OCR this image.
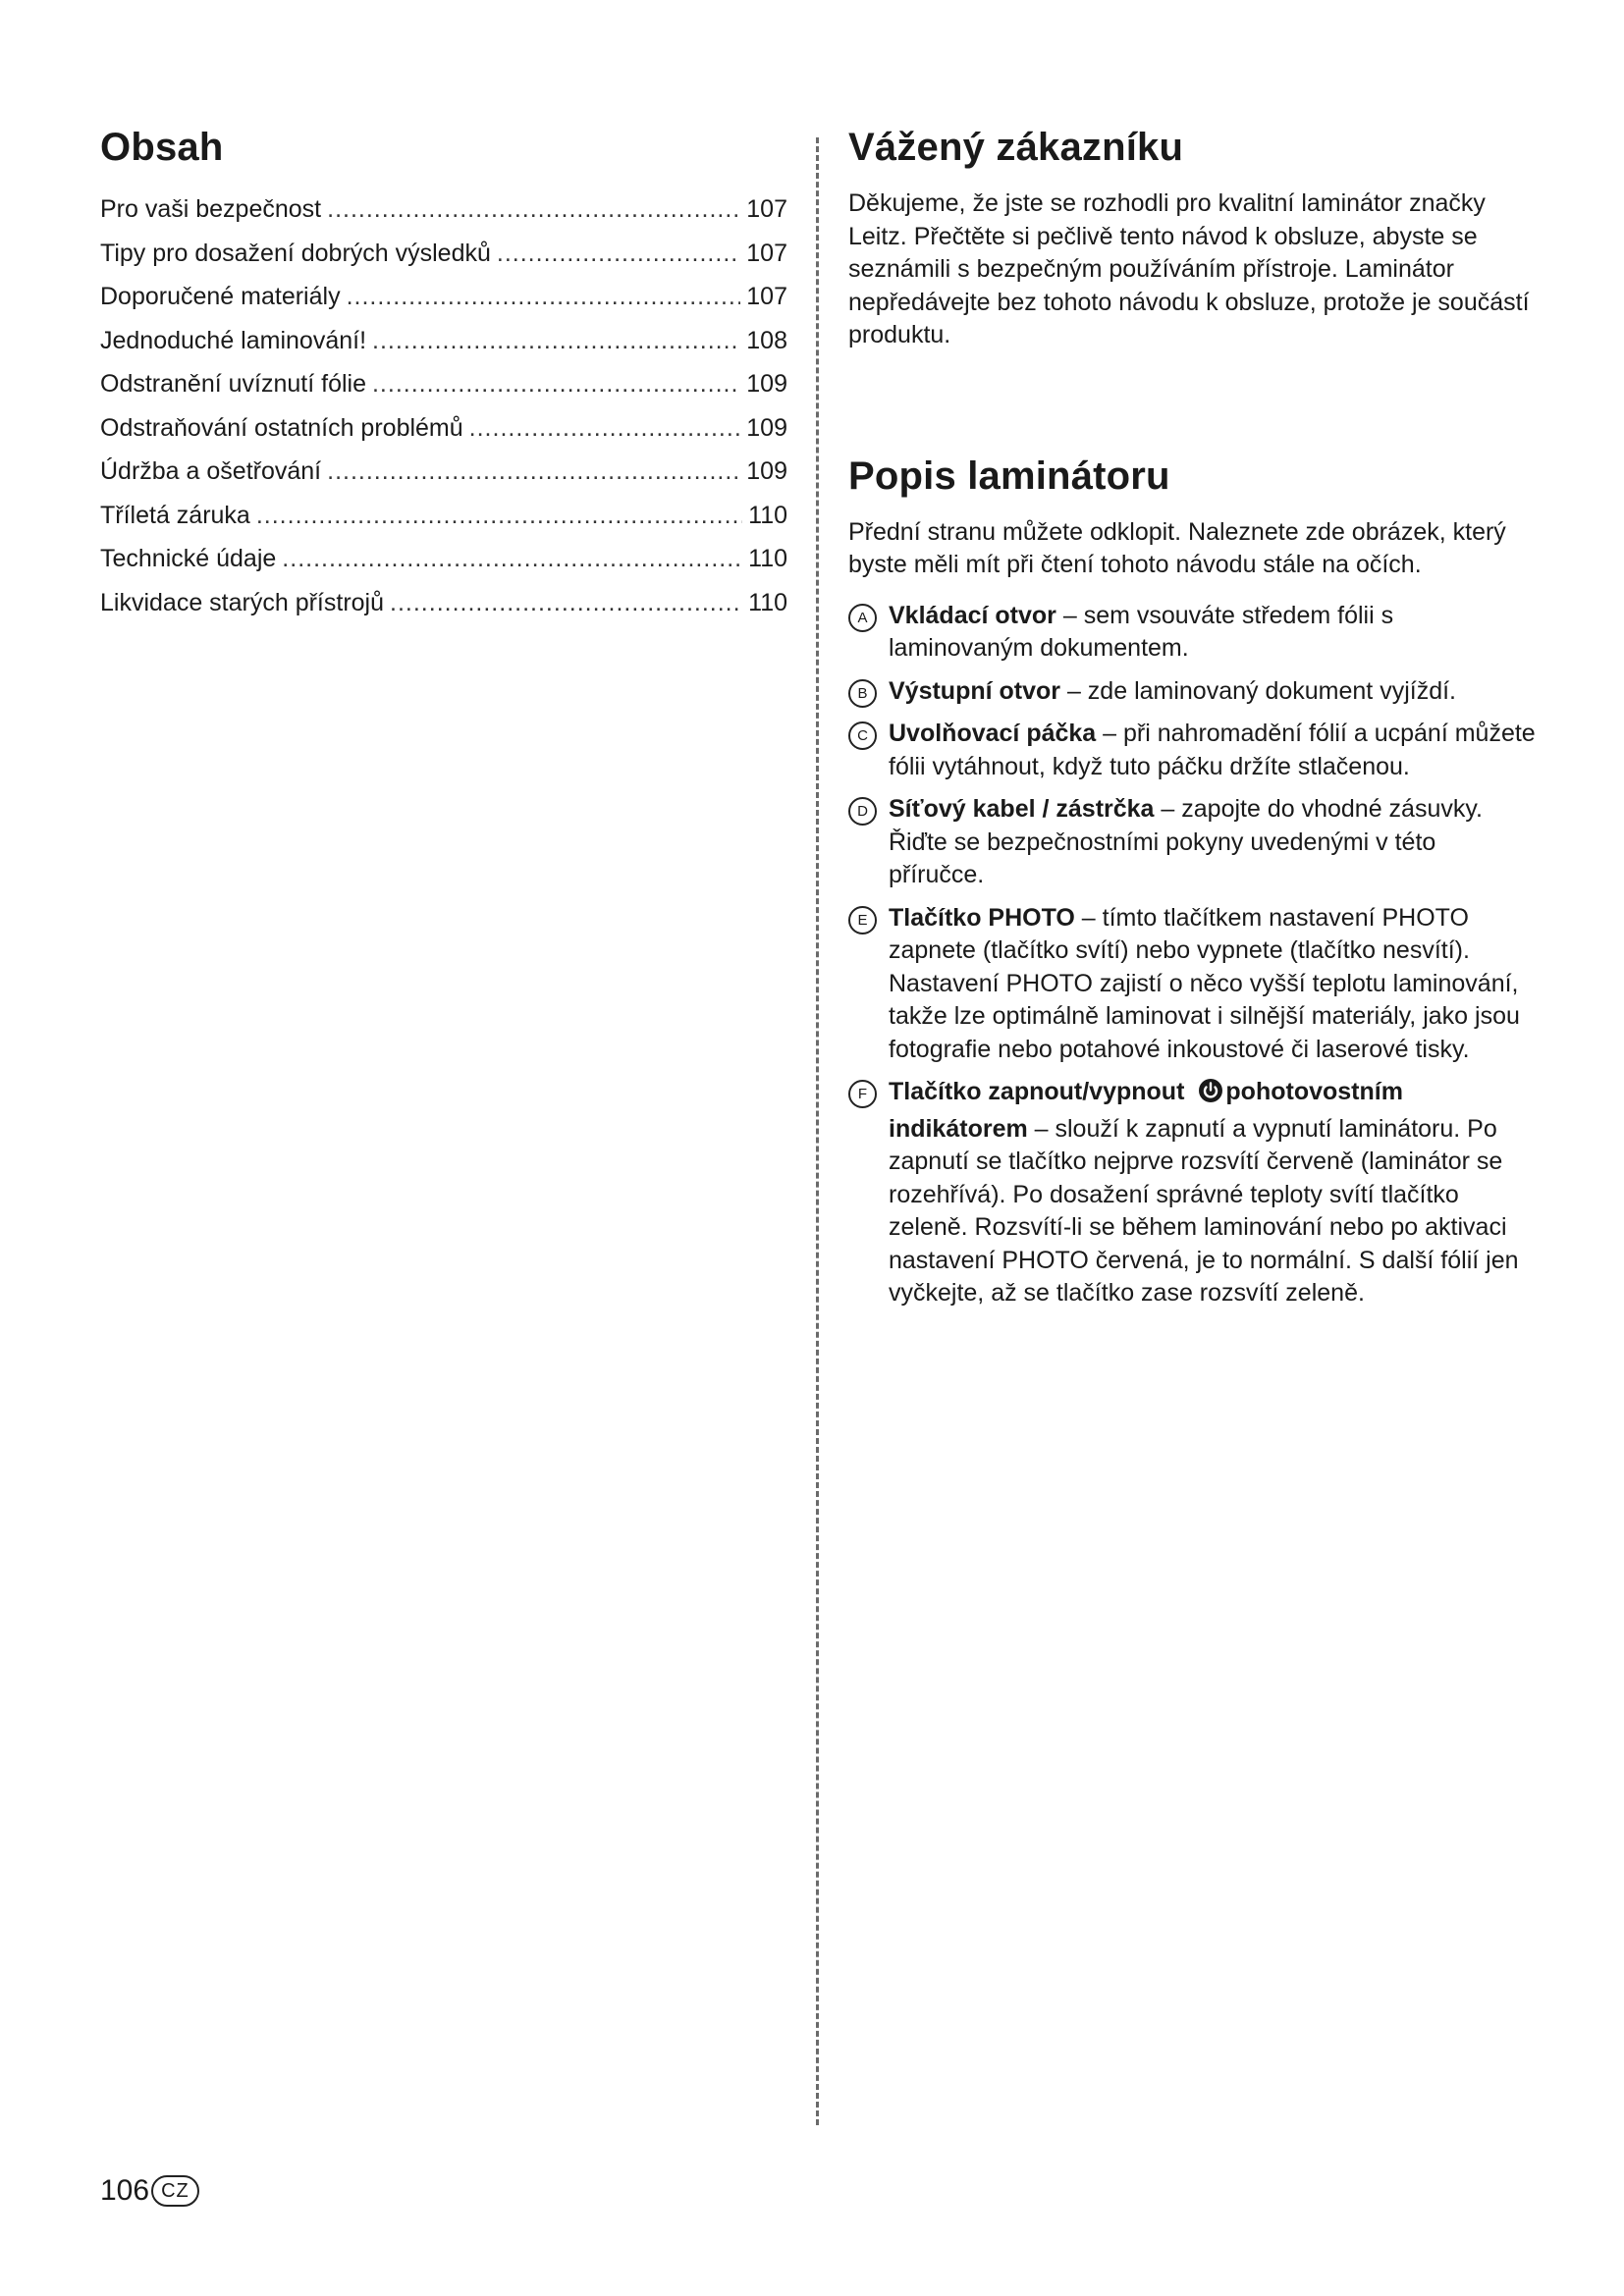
Obsah
Pro vaši bezpečnost .....	107
Tipy pro dosažení dobrých výsledků .....	107
Doporučené materiály .....	107
Jednoduché laminování! .....	108
Odstranění uvíznutí fólie .....	109
Odstraňování ostatních problémů .....	109
Údržba a ošetřování .....	109
Tříletá záruka .....	110
Technické údaje .....	110
Likvidace starých přístrojů .....	110
Vážený zákazníku

Děkujeme, že jste se rozhodli pro kvalitní laminátor značky Leitz. Přečtěte si pečlivě tento návod k obsluze, abyste se seznámili s bezpečným používáním přístroje. Laminátor nepředávejte bez tohoto návodu k obsluze, protože je součástí produktu.

Popis laminátoru

Přední stranu můžete odklopit. Naleznete zde obrázek, který byste měli mít při čtení tohoto návodu stále na očích.

A Vkládací otvor – sem vsouváte středem fólii s laminovaným dokumentem.
B Výstupní otvor – zde laminovaný dokument vyjíždí.
C Uvolňovací páčka – při nahromadění fólií a ucpání můžete fólii vytáhnout, když tuto páčku držíte stlačenou.
D Síťový kabel / zástrčka – zapojte do vhodné zásuvky. Řiďte se bezpečnostními pokyny uvedenými v této příručce.
E Tlačítko PHOTO – tímto tlačítkem nastavení PHOTO zapnete (tlačítko svítí) nebo vypnete (tlačítko nesvítí). Nastavení PHOTO zajistí o něco vyšší teplotu laminování, takže lze optimálně laminovat i silnější materiály, jako jsou fotografie nebo potahové inkoustové či laserové tisky.
F Tlačítko zapnout/vypnout pohotovostním indikátorem – slouží k zapnutí a vypnutí laminátoru. Po zapnutí se tlačítko nejprve rozsvítí červeně (laminátor se rozehřívá). Po dosažení správné teploty svítí tlačítko zeleně. Rozsvítí-li se během laminování nebo po aktivaci nastavení PHOTO červená, je to normální. S další fólií jen vyčkejte, až se tlačítko zase rozsvítí zeleně.
106 CZ
